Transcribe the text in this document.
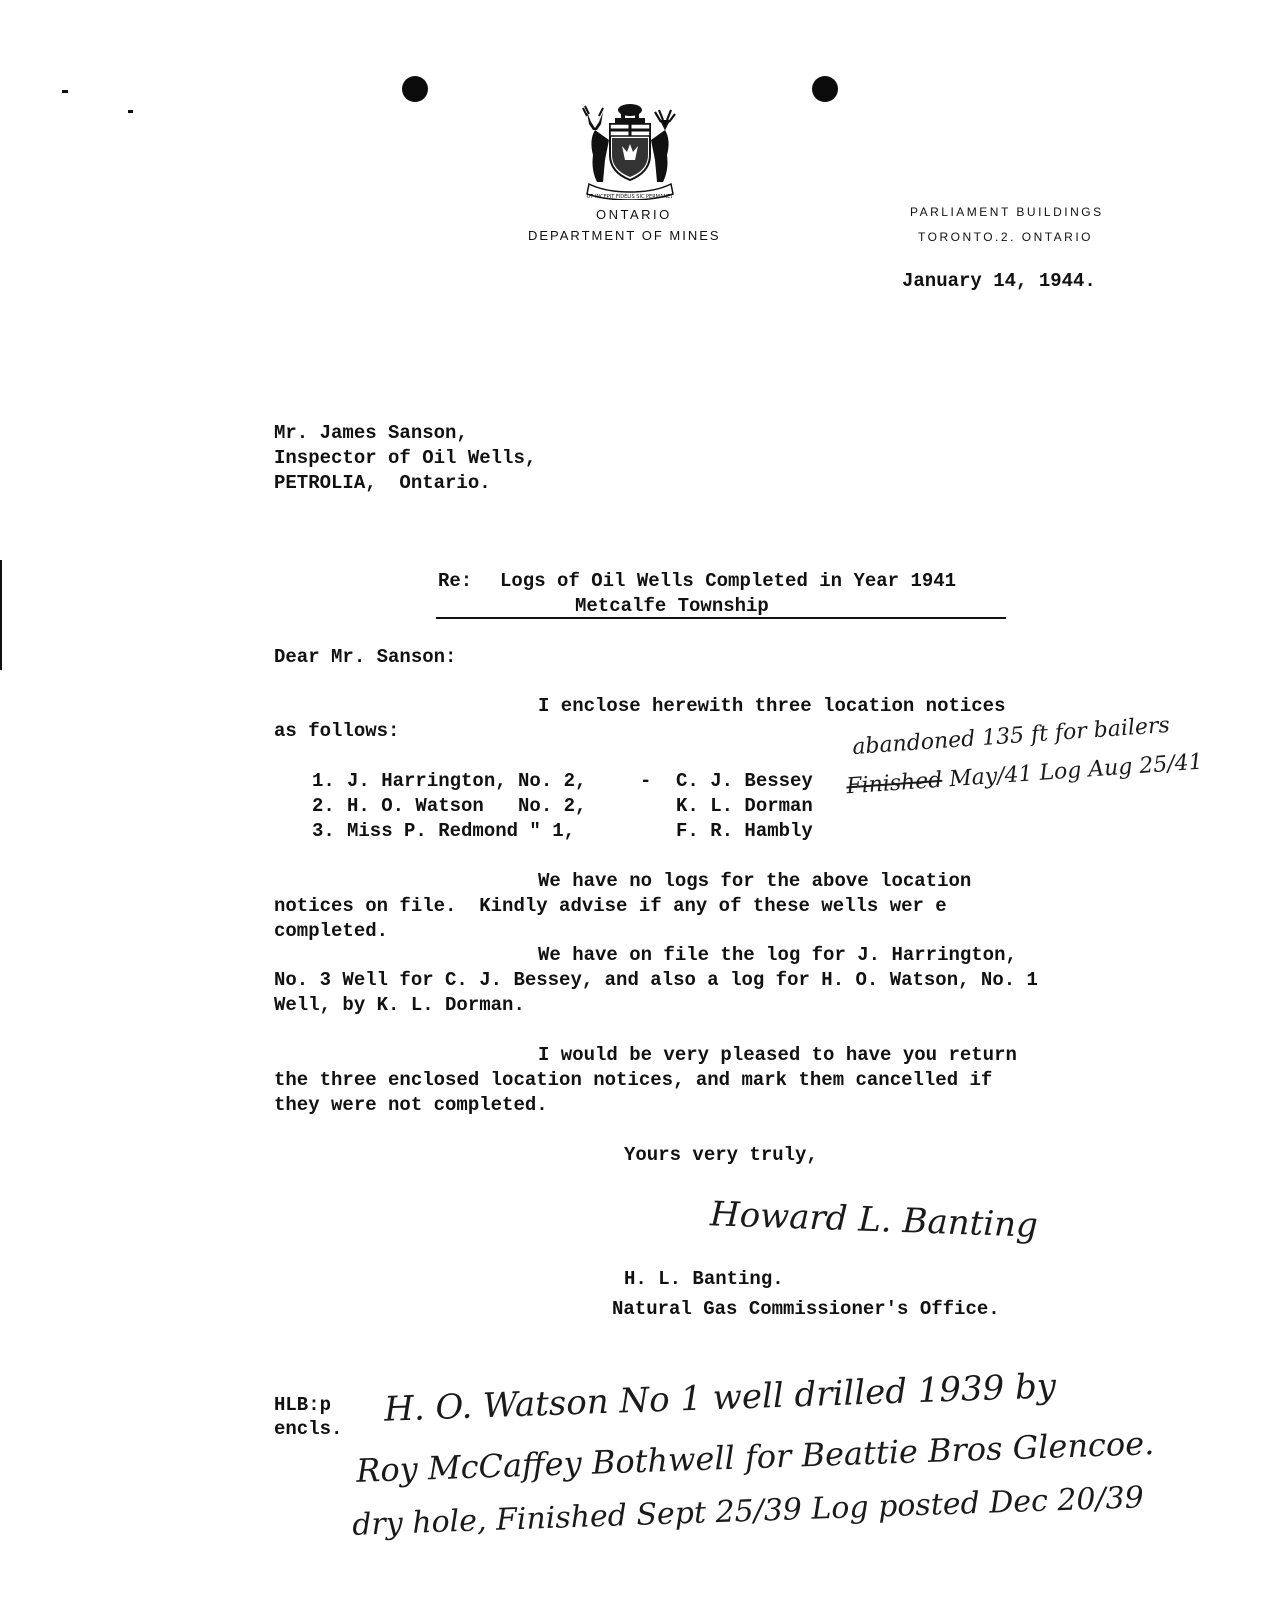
UT INCEPIT FIDELIS SIC PERMANET
ONTARIO
DEPARTMENT OF MINES
PARLIAMENT BUILDINGS
TORONTO.2. ONTARIO
January 14, 1944.
Mr. James Sanson,
Inspector of Oil Wells,
PETROLIA,  Ontario.
Re: Logs of Oil Wells Completed in Year 1941
Metcalfe Township
Dear Mr. Sanson:
I enclose herewith three location notices
as follows:
1. J. Harrington, No. 2,	- C. J. Bessey
2. H. O. Watson   No. 2,	K. L. Dorman
3. Miss P. Redmond " 1,	F. R. Hambly
abandoned 135 ft for bailers
Finished May/41 Log Aug 25/41
We have no logs for the above location
notices on file.  Kindly advise if any of these wells wer e
completed.
We have on file the log for J. Harrington,
No. 3 Well for C. J. Bessey, and also a log for H. O. Watson, No. 1
Well, by K. L. Dorman.
I would be very pleased to have you return
the three enclosed location notices, and mark them cancelled if
they were not completed.
Yours very truly,
Howard L. Banting
H. L. Banting.
Natural Gas Commissioner's Office.
HLB:p
encls. H. O. Watson No 1 well drilled 1939 by
Roy McCaffey Bothwell for Beattie Bros Glencoe.
dry hole, Finished Sept 25/39 Log posted Dec 20/39
